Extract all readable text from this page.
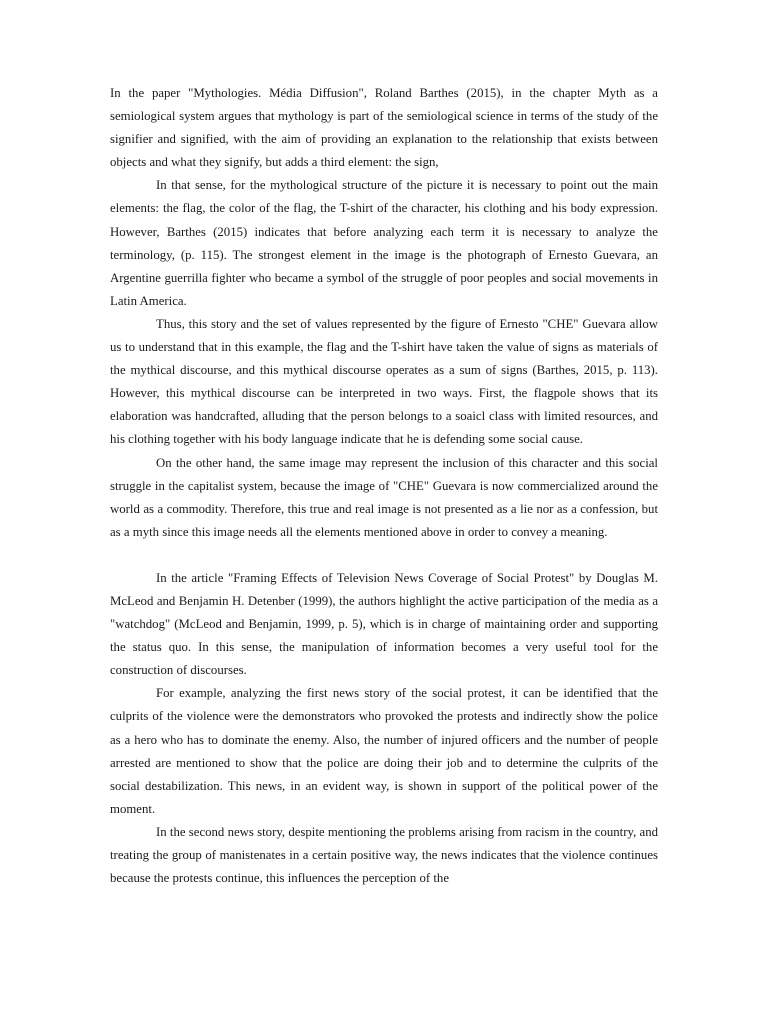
In the paper "Mythologies. Média Diffusion", Roland Barthes (2015), in the chapter Myth as a semiological system argues that mythology is part of the semiological science in terms of the study of the signifier and signified, with the aim of providing an explanation to the relationship that exists between objects and what they signify, but adds a third element: the sign,

In that sense, for the mythological structure of the picture it is necessary to point out the main elements: the flag, the color of the flag, the T-shirt of the character, his clothing and his body expression. However, Barthes (2015) indicates that before analyzing each term it is necessary to analyze the terminology, (p. 115). The strongest element in the image is the photograph of Ernesto Guevara, an Argentine guerrilla fighter who became a symbol of the struggle of poor peoples and social movements in Latin America.

Thus, this story and the set of values represented by the figure of Ernesto "CHE" Guevara allow us to understand that in this example, the flag and the T-shirt have taken the value of signs as materials of the mythical discourse, and this mythical discourse operates as a sum of signs (Barthes, 2015, p. 113). However, this mythical discourse can be interpreted in two ways. First, the flagpole shows that its elaboration was handcrafted, alluding that the person belongs to a soaicl class with limited resources, and his clothing together with his body language indicate that he is defending some social cause.

On the other hand, the same image may represent the inclusion of this character and this social struggle in the capitalist system, because the image of "CHE" Guevara is now commercialized around the world as a commodity. Therefore, this true and real image is not presented as a lie nor as a confession, but as a myth since this image needs all the elements mentioned above in order to convey a meaning.

In the article "Framing Effects of Television News Coverage of Social Protest" by Douglas M. McLeod and Benjamin H. Detenber (1999), the authors highlight the active participation of the media as a "watchdog" (McLeod and Benjamin, 1999, p. 5), which is in charge of maintaining order and supporting the status quo. In this sense, the manipulation of information becomes a very useful tool for the construction of discourses.

For example, analyzing the first news story of the social protest, it can be identified that the culprits of the violence were the demonstrators who provoked the protests and indirectly show the police as a hero who has to dominate the enemy. Also, the number of injured officers and the number of people arrested are mentioned to show that the police are doing their job and to determine the culprits of the social destabilization. This news, in an evident way, is shown in support of the political power of the moment.

In the second news story, despite mentioning the problems arising from racism in the country, and treating the group of manistenates in a certain positive way, the news indicates that the violence continues because the protests continue, this influences the perception of the
